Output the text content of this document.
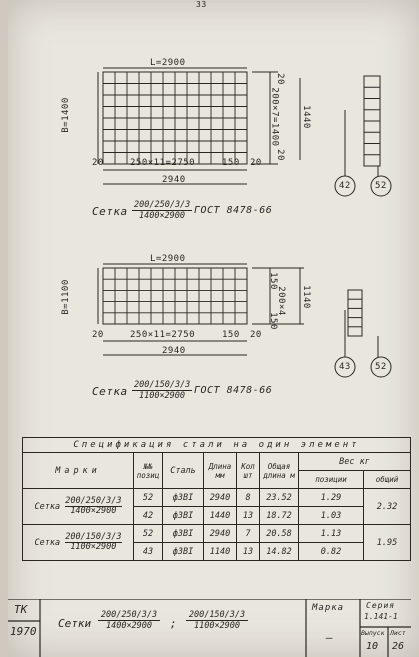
33
L=2900
B=1400
20	250×11=2750	150 20
2940
20
200×7=1400
20
1440
42	52
Сетка $\frac{200/250/3/3}{1400\times 2900}$ ГОСТ 8478-66
L=2900
B=1100
20	250×11=2750	150 20
2940
150
200×4
150
1140
43	52
Сетка $\frac{200/150/3/3}{1100\times 2900}$ ГОСТ 8478-66
Спецификация стали на один элемент							
Марки	№№ позиц	Сталь	Длина мм	Кол шт	Общая длина м	Вес кг	
						позиции	общий
Сетка $\frac{200/250/3/3}{1400\times 2900}$	52	ф3ВI	2940	8	23.52	1.29	2.32
	42	ф3ВI	1440	13	18.72	1.03	
Сетка $\frac{200/150/3/3}{1100\times 2900}$	52	ф3ВI	2940	7	20.58	1.13	1.95
	43	ф3ВI	1140	13	14.82	0.82	
ТК
1970
Сетки $\frac{200/250/3/3}{1400\times 2900}$ ; $\frac{200/150/3/3}{1100\times 2900}$
Марка
—
Серия
1.141-1
Выпуск
10
Лист
26
